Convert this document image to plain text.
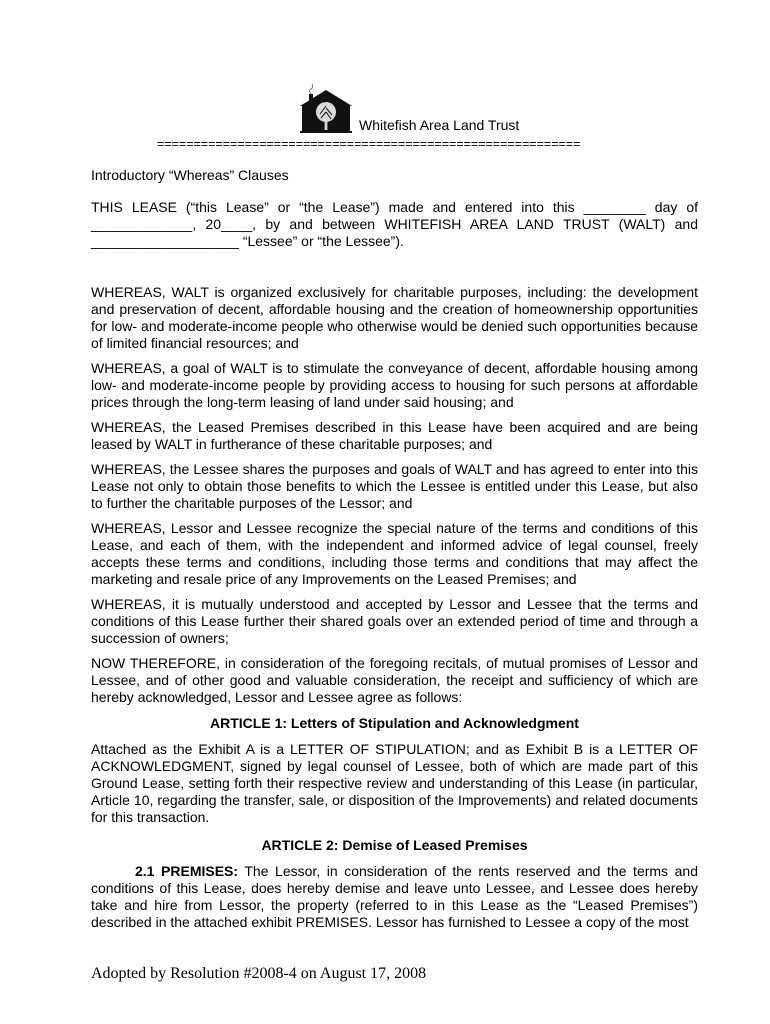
Whitefish Area Land Trust
==========================================================

Introductory “Whereas” Clauses

THIS LEASE (“this Lease” or “the Lease”) made and entered into this ________ day of _____________, 20____, by and between WHITEFISH AREA LAND TRUST (WALT) and ___________________ “Lessee” or “the Lessee”).

WHEREAS, WALT is organized exclusively for charitable purposes, including: the development and preservation of decent, affordable housing and the creation of homeownership opportunities for low- and moderate-income people who otherwise would be denied such opportunities because of limited financial resources; and

WHEREAS, a goal of WALT is to stimulate the conveyance of decent, affordable housing among low- and moderate-income people by providing access to housing for such persons at affordable prices through the long-term leasing of land under said housing; and

WHEREAS, the Leased Premises described in this Lease have been acquired and are being leased by WALT in furtherance of these charitable purposes; and

WHEREAS, the Lessee shares the purposes and goals of WALT and has agreed to enter into this Lease not only to obtain those benefits to which the Lessee is entitled under this Lease, but also to further the charitable purposes of the Lessor; and

WHEREAS, Lessor and Lessee recognize the special nature of the terms and conditions of this Lease, and each of them, with the independent and informed advice of legal counsel, freely accepts these terms and conditions, including those terms and conditions that may affect the marketing and resale price of any Improvements on the Leased Premises; and

WHEREAS, it is mutually understood and accepted by Lessor and Lessee that the terms and conditions of this Lease further their shared goals over an extended period of time and through a succession of owners;

NOW THEREFORE, in consideration of the foregoing recitals, of mutual promises of Lessor and Lessee, and of other good and valuable consideration, the receipt and sufficiency of which are hereby acknowledged, Lessor and Lessee agree as follows:

ARTICLE 1: Letters of Stipulation and Acknowledgment

Attached as the Exhibit A is a LETTER OF STIPULATION; and as Exhibit B is a LETTER OF ACKNOWLEDGMENT, signed by legal counsel of Lessee, both of which are made part of this Ground Lease, setting forth their respective review and understanding of this Lease (in particular, Article 10, regarding the transfer, sale, or disposition of the Improvements) and related documents for this transaction.

ARTICLE 2: Demise of Leased Premises

2.1 PREMISES: The Lessor, in consideration of the rents reserved and the terms and conditions of this Lease, does hereby demise and leave unto Lessee, and Lessee does hereby take and hire from Lessor, the property (referred to in this Lease as the “Leased Premises”) described in the attached exhibit PREMISES. Lessor has furnished to Lessee a copy of the most

Adopted by Resolution #2008-4 on August 17, 2008
